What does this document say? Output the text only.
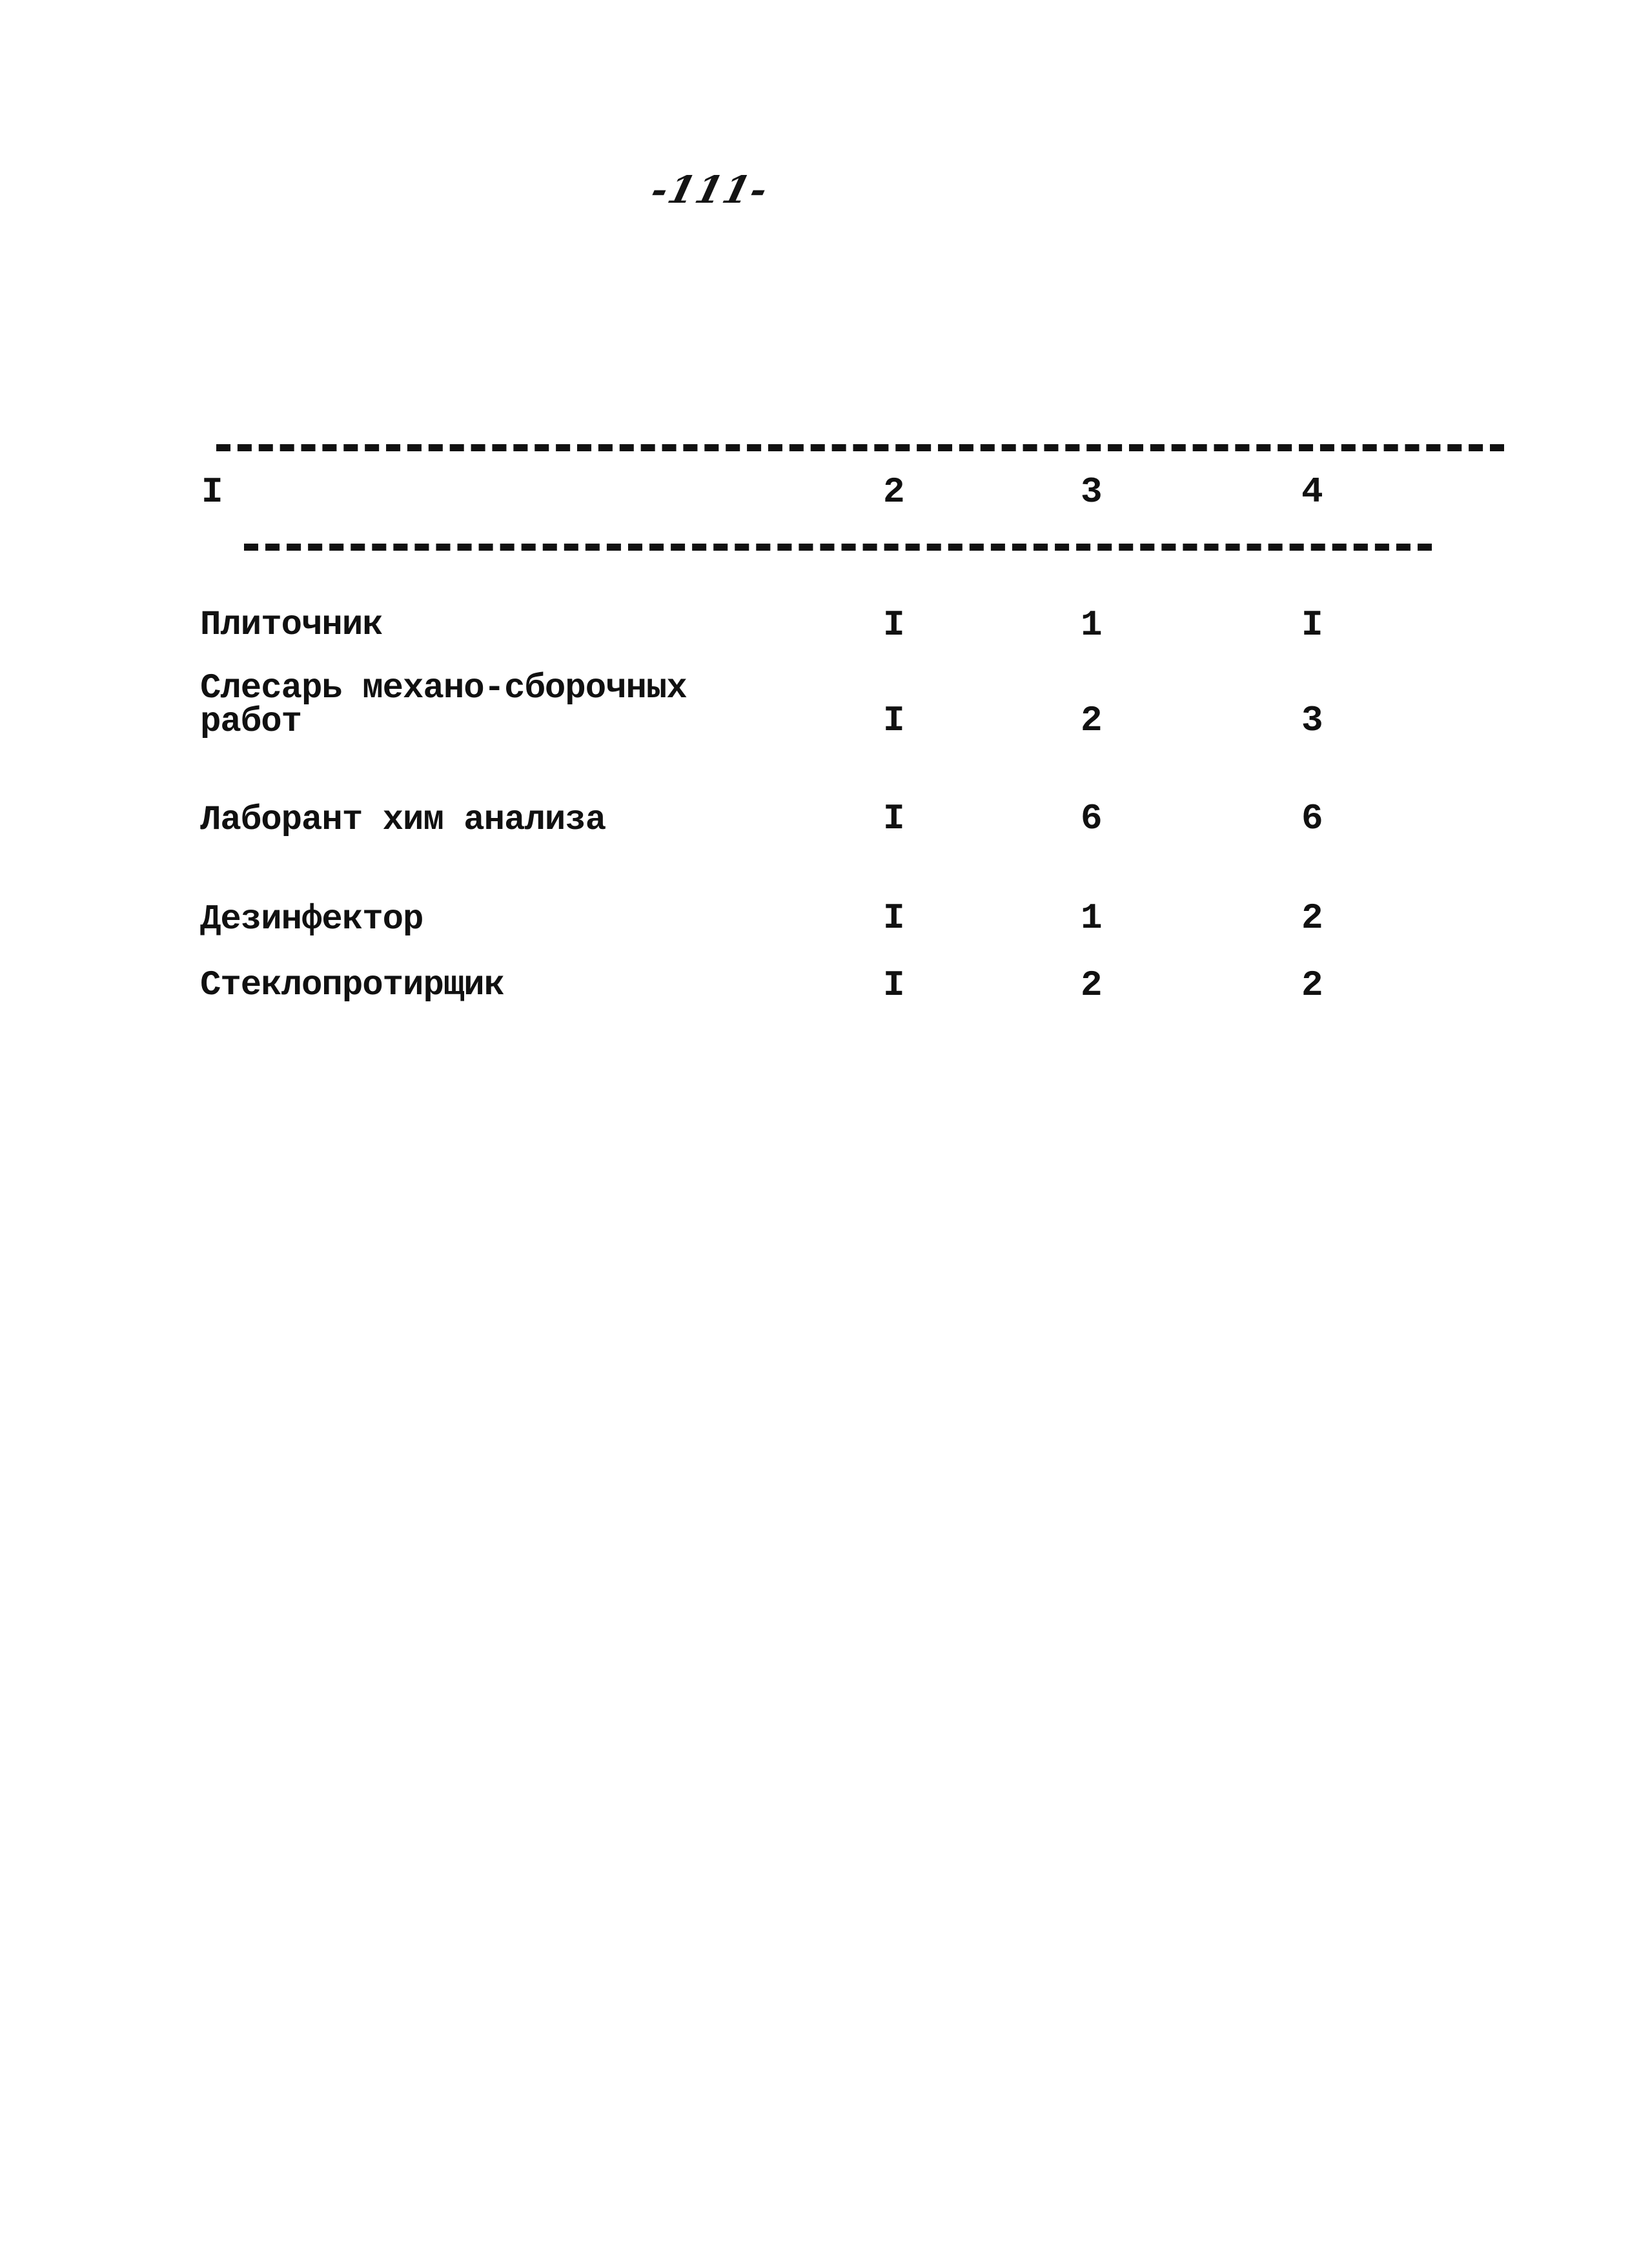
-111-
I	2	3	4
Плиточник	I	1	I
Слесарь механо-сборочных
работ	I	2	3
Лаборант хим анализа	I	6	6
Дезинфектор	I	1	2
Стеклопротирщик	I	2	2
